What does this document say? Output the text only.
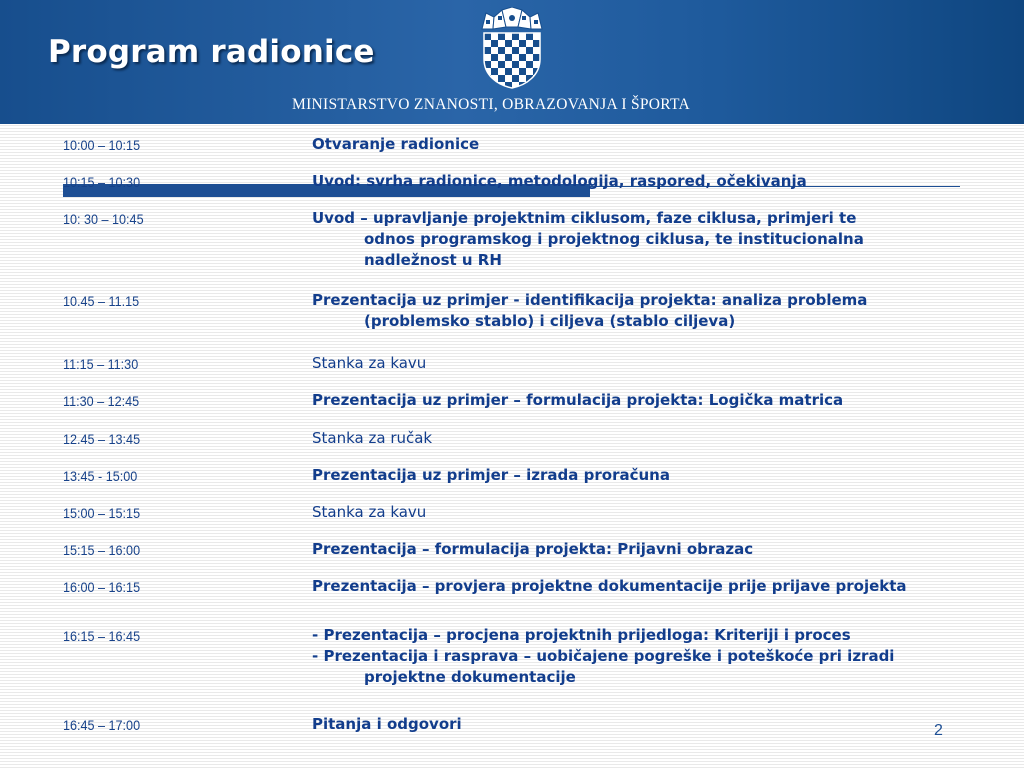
Program radionice
MINISTARSTVO ZNANOSTI, OBRAZOVANJA I ŠPORTA
10:00 – 10:15	Otvaranje radionice
10:15 – 10:30	Uvod: svrha radionice, metodologija, raspored, očekivanja
10: 30 – 10:45	Uvod – upravljanje projektnim ciklusom, faze ciklusa, primjeri te
odnos programskog i projektnog ciklusa, te institucionalna
nadležnost u RH
10.45 – 11.15	Prezentacija uz primjer - identifikacija projekta: analiza problema
(problemsko stablo) i ciljeva (stablo ciljeva)
11:15 – 11:30	Stanka za kavu
11:30 – 12:45	Prezentacija uz primjer – formulacija projekta: Logička matrica
12.45 – 13:45	Stanka za ručak
13:45 - 15:00	Prezentacija uz primjer – izrada proračuna
15:00 – 15:15	Stanka za kavu
15:15 – 16:00	Prezentacija – formulacija projekta: Prijavni obrazac
16:00 – 16:15	Prezentacija – provjera projektne dokumentacije prije prijave projekta
16:15 – 16:45	- Prezentacija – procjena projektnih prijedloga: Kriteriji i proces
- Prezentacija i rasprava – uobičajene pogreške i poteškoće pri izradi
projektne dokumentacije
16:45 – 17:00	Pitanja i odgovori	2
